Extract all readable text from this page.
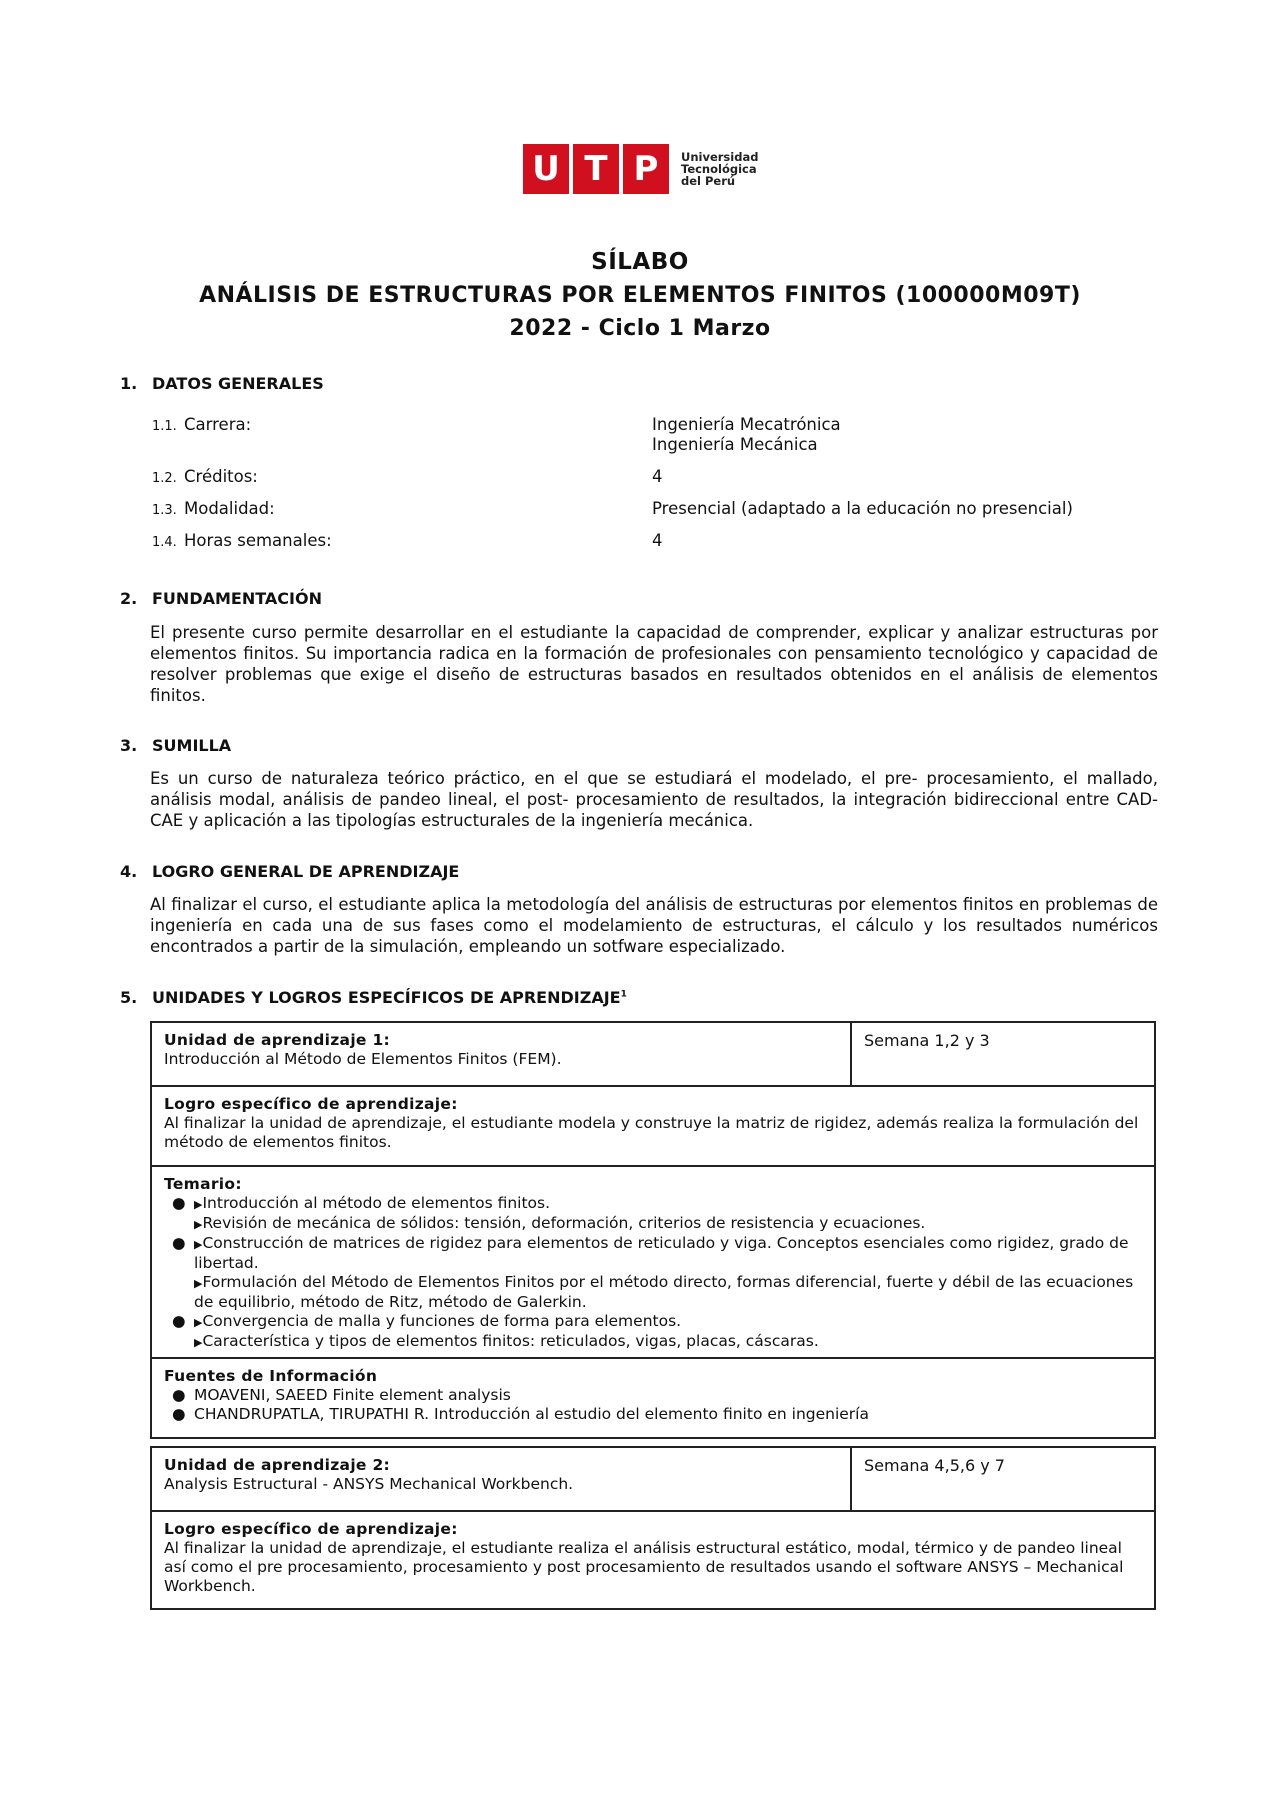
U T P	Universidad
Tecnológica
del Perú
SÍLABO
ANÁLISIS DE ESTRUCTURAS POR ELEMENTOS FINITOS (100000M09T)
2022 - Ciclo 1 Marzo
1. DATOS GENERALES
1.1. Carrera:	Ingeniería Mecatrónica
Ingeniería Mecánica
1.2. Créditos:	4
1.3. Modalidad:	Presencial (adaptado a la educación no presencial)
1.4. Horas semanales:	4
2. FUNDAMENTACIÓN
El presente curso permite desarrollar en el estudiante la capacidad de comprender, explicar y analizar estructuras por elementos finitos. Su importancia radica en la formación de profesionales con pensamiento tecnológico y capacidad de resolver problemas que exige el diseño de estructuras basados en resultados obtenidos en el análisis de elementos finitos.
3. SUMILLA
Es un curso de naturaleza teórico práctico, en el que se estudiará el modelado, el pre- procesamiento, el mallado, análisis modal, análisis de pandeo lineal, el post- procesamiento de resultados, la integración bidireccional entre CAD-CAE y aplicación a las tipologías estructurales de la ingeniería mecánica.
4. LOGRO GENERAL DE APRENDIZAJE
Al finalizar el curso, el estudiante aplica la metodología del análisis de estructuras por elementos finitos en problemas de ingeniería en cada una de sus fases como el modelamiento de estructuras, el cálculo y los resultados numéricos encontrados a partir de la simulación, empleando un sotfware especializado.
5. UNIDADES Y LOGROS ESPECÍFICOS DE APRENDIZAJE$^1$
Unidad de aprendizaje 1:
Introducción al Método de Elementos Finitos (FEM).
Semana 1,2 y 3
Logro específico de aprendizaje:
Al finalizar la unidad de aprendizaje, el estudiante modela y construye la matriz de rigidez, además realiza la formulación del método de elementos finitos.
Temario:
● ▶Introducción al método de elementos finitos.
▶Revisión de mecánica de sólidos: tensión, deformación, criterios de resistencia y ecuaciones.
● ▶Construcción de matrices de rigidez para elementos de reticulado y viga. Conceptos esenciales como rigidez, grado de libertad.
▶Formulación del Método de Elementos Finitos por el método directo, formas diferencial, fuerte y débil de las ecuaciones de equilibrio, método de Ritz, método de Galerkin.
● ▶Convergencia de malla y funciones de forma para elementos.
▶Característica y tipos de elementos finitos: reticulados, vigas, placas, cáscaras.
Fuentes de Información
● MOAVENI, SAEED Finite element analysis
● CHANDRUPATLA, TIRUPATHI R. Introducción al estudio del elemento finito en ingeniería
Unidad de aprendizaje 2:
Analysis Estructural - ANSYS Mechanical Workbench.
Semana 4,5,6 y 7
Logro específico de aprendizaje:
Al finalizar la unidad de aprendizaje, el estudiante realiza el análisis estructural estático, modal, térmico y de pandeo lineal así como el pre procesamiento, procesamiento y post procesamiento de resultados usando el software ANSYS – Mechanical Workbench.
